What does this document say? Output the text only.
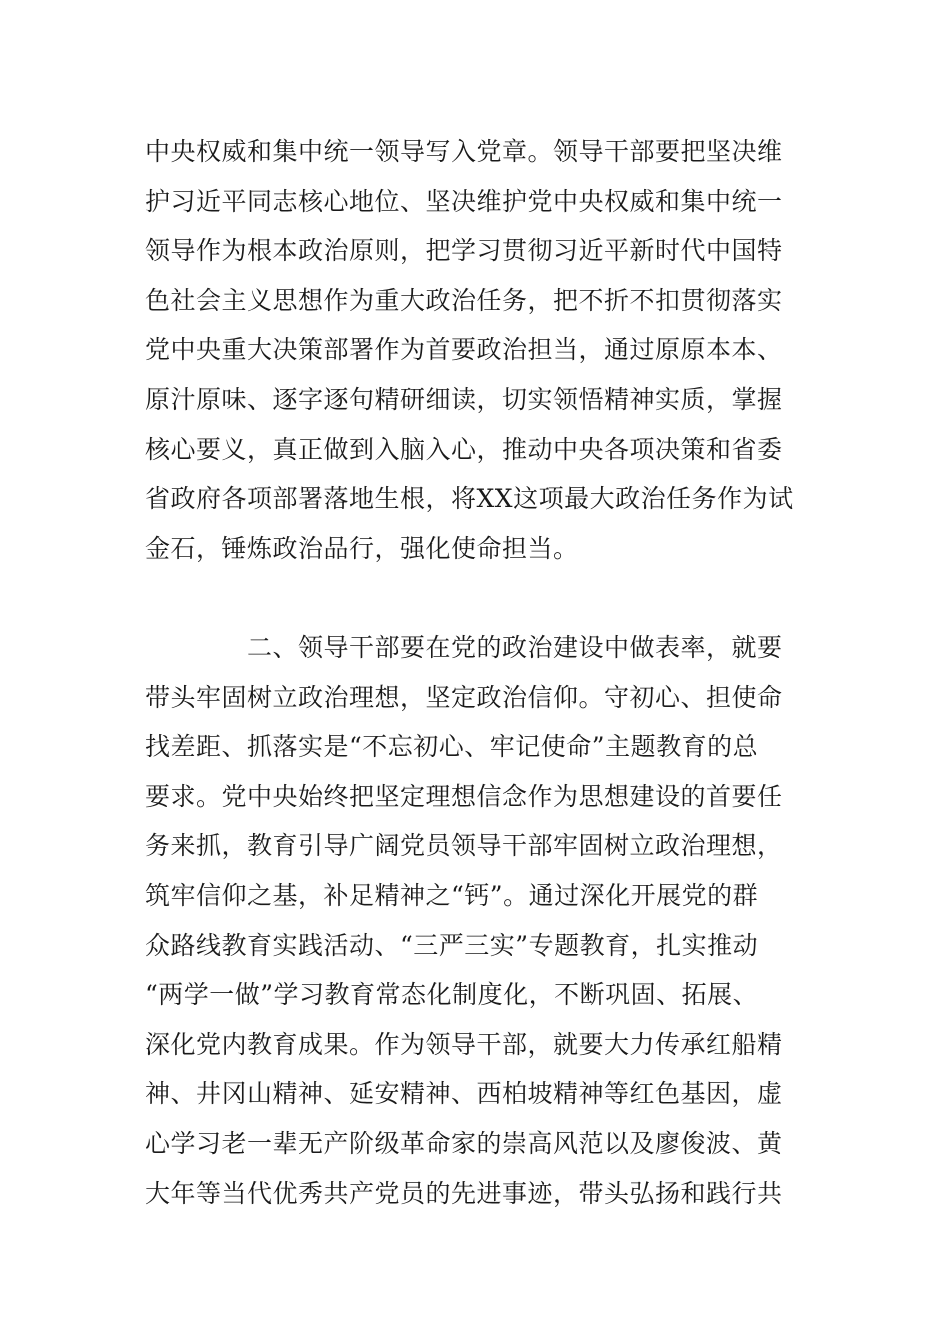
中央权威和集中统一领导写入党章。领导干部要把坚决维
护习近平同志核心地位、坚决维护党中央权威和集中统一
领导作为根本政治原则，把学习贯彻习近平新时代中国特
色社会主义思想作为重大政治任务，把不折不扣贯彻落实
党中央重大决策部署作为首要政治担当，通过原原本本、
原汁原味、逐字逐句精研细读，切实领悟精神实质，掌握
核心要义，真正做到入脑入心，推动中央各项决策和省委
省政府各项部署落地生根，将XX这项最大政治任务作为试
金石，锤炼政治品行，强化使命担当。
二、领导干部要在党的政治建设中做表率，就要
带头牢固树立政治理想，坚定政治信仰。守初心、担使命
找差距、抓落实是“不忘初心、牢记使命”主题教育的总
要求。党中央始终把坚定理想信念作为思想建设的首要任
务来抓，教育引导广阔党员领导干部牢固树立政治理想，
筑牢信仰之基，补足精神之“钙”。通过深化开展党的群
众路线教育实践活动、“三严三实”专题教育，扎实推动
“两学一做”学习教育常态化制度化，不断巩固、拓展、
深化党内教育成果。作为领导干部，就要大力传承红船精
神、井冈山精神、延安精神、西柏坡精神等红色基因，虚
心学习老一辈无产阶级革命家的崇高风范以及廖俊波、黄
大年等当代优秀共产党员的先进事迹，带头弘扬和践行共
